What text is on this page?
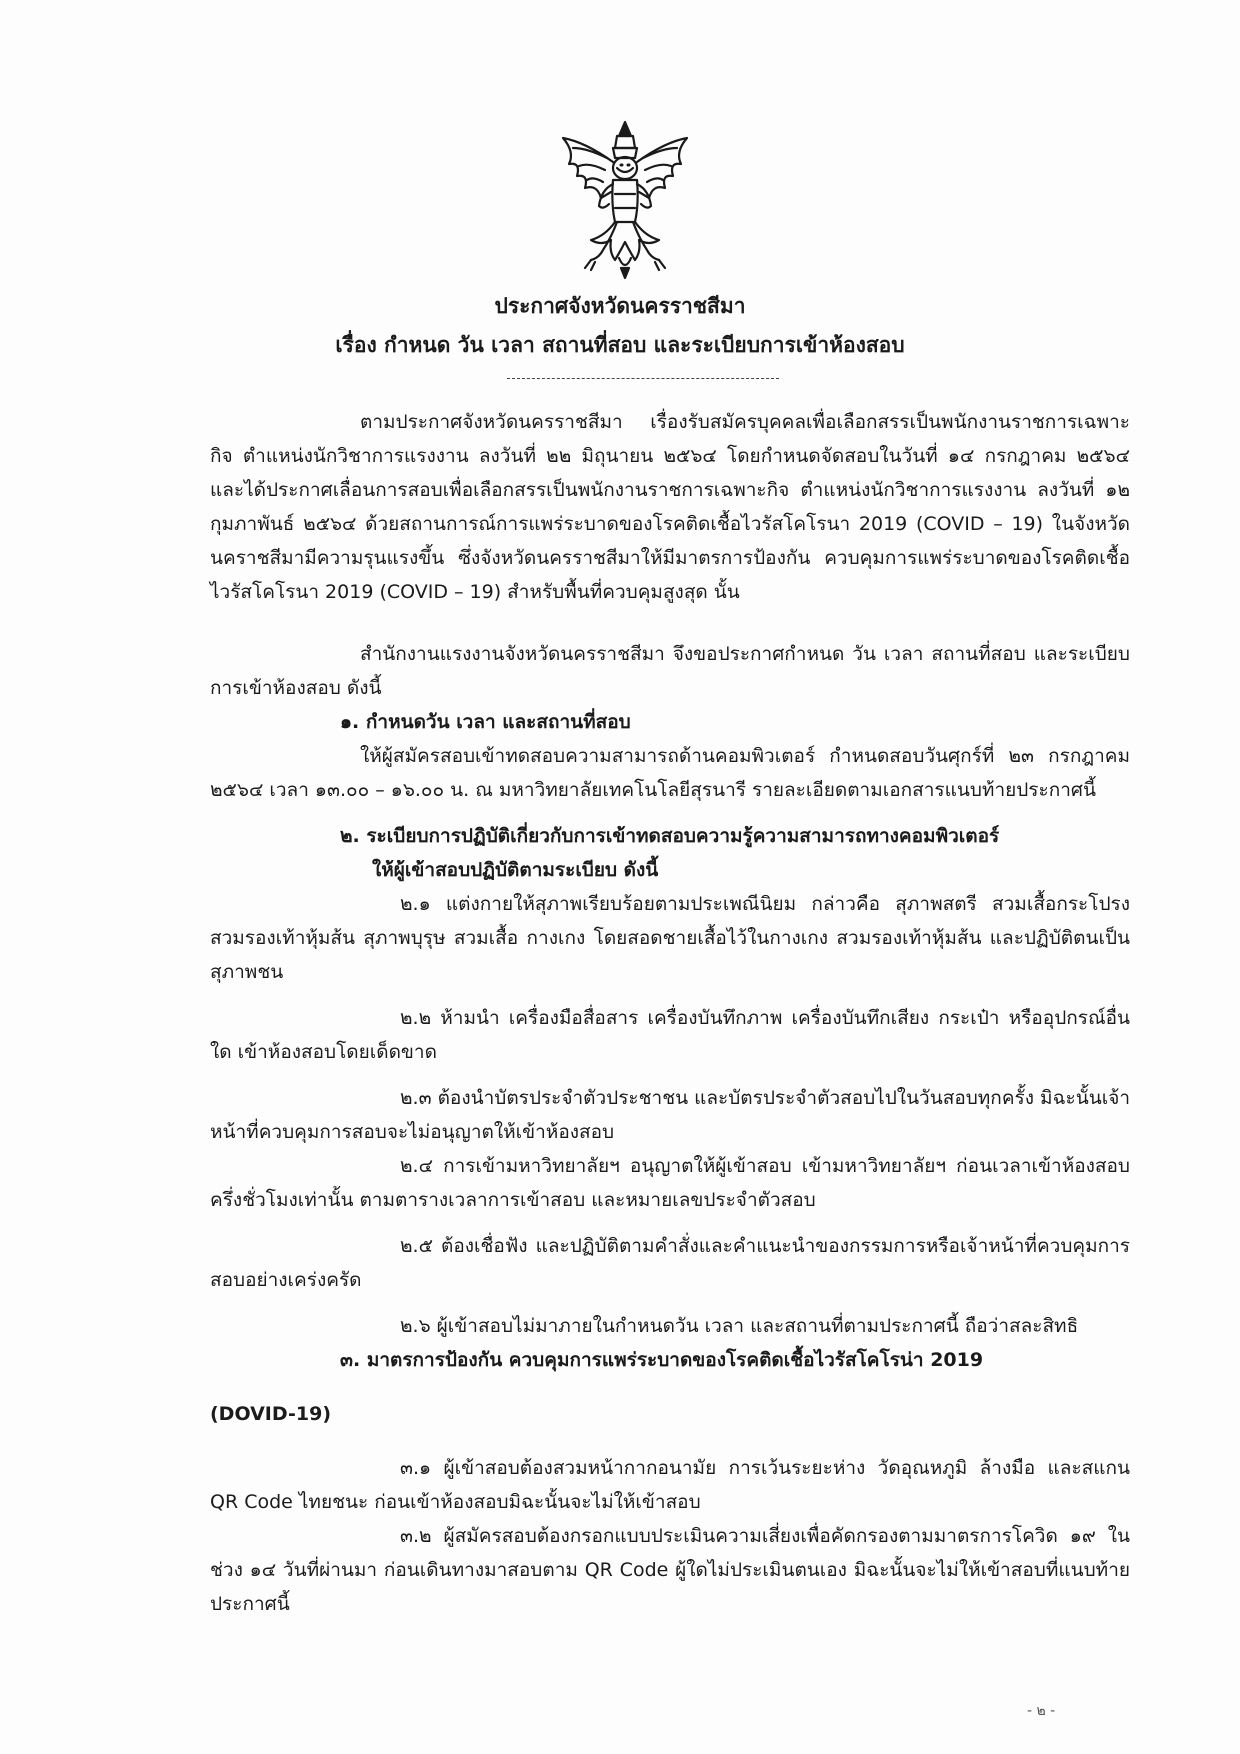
ประกาศจังหวัดนครราชสีมา
เรื่อง กำหนด วัน เวลา สถานที่สอบ และระเบียบการเข้าห้องสอบ

ตามประกาศจังหวัดนครราชสีมา เรื่องรับสมัครบุคคลเพื่อเลือกสรรเป็นพนักงานราชการเฉพาะกิจ ตำแหน่งนักวิชาการแรงงาน ลงวันที่ ๒๒ มิถุนายน ๒๕๖๔ โดยกำหนดจัดสอบในวันที่ ๑๔ กรกฎาคม ๒๕๖๔ และได้ประกาศเลื่อนการสอบเพื่อเลือกสรรเป็นพนักงานราชการเฉพาะกิจ ตำแหน่งนักวิชาการแรงงาน ลงวันที่ ๑๒ กุมภาพันธ์ ๒๕๖๔ ด้วยสถานการณ์การแพร่ระบาดของโรคติดเชื้อไวรัสโคโรนา 2019 (COVID – 19) ในจังหวัดนคราชสีมามีความรุนแรงขึ้น ซึ่งจังหวัดนครราชสีมาให้มีมาตรการป้องกัน ควบคุมการแพร่ระบาดของโรคติดเชื้อไวรัสโคโรนา 2019 (COVID – 19) สำหรับพื้นที่ควบคุมสูงสุด นั้น

สำนักงานแรงงานจังหวัดนครราชสีมา จึงขอประกาศกำหนด วัน เวลา สถานที่สอบ และระเบียบการเข้าห้องสอบ ดังนี้

๑. กำหนดวัน เวลา และสถานที่สอบ

ให้ผู้สมัครสอบเข้าทดสอบความสามารถด้านคอมพิวเตอร์ กำหนดสอบวันศุกร์ที่ ๒๓ กรกฎาคม ๒๕๖๔ เวลา ๑๓.๐๐ – ๑๖.๐๐ น. ณ มหาวิทยาลัยเทคโนโลยีสุรนารี รายละเอียดตามเอกสารแนบท้ายประกาศนี้

๒. ระเบียบการปฏิบัติเกี่ยวกับการเข้าทดสอบความรู้ความสามารถทางคอมพิวเตอร์

ให้ผู้เข้าสอบปฏิบัติตามระเบียบ ดังนี้

๒.๑ แต่งกายให้สุภาพเรียบร้อยตามประเพณีนิยม กล่าวคือ สุภาพสตรี สวมเสื้อกระโปรง สวมรองเท้าหุ้มส้น สุภาพบุรุษ สวมเสื้อ กางเกง โดยสอดชายเสื้อไว้ในกางเกง สวมรองเท้าหุ้มส้น และปฏิบัติตนเป็นสุภาพชน

๒.๒ ห้ามนำ เครื่องมือสื่อสาร เครื่องบันทึกภาพ เครื่องบันทึกเสียง กระเป๋า หรืออุปกรณ์อื่นใด เข้าห้องสอบโดยเด็ดขาด

๒.๓ ต้องนำบัตรประจำตัวประชาชน และบัตรประจำตัวสอบไปในวันสอบทุกครั้ง มิฉะนั้นเจ้าหน้าที่ควบคุมการสอบจะไม่อนุญาตให้เข้าห้องสอบ

๒.๔ การเข้ามหาวิทยาลัยฯ อนุญาตให้ผู้เข้าสอบ เข้ามหาวิทยาลัยฯ ก่อนเวลาเข้าห้องสอบครึ่งชั่วโมงเท่านั้น ตามตารางเวลาการเข้าสอบ และหมายเลขประจำตัวสอบ

๒.๕ ต้องเชื่อฟัง และปฏิบัติตามคำสั่งและคำแนะนำของกรรมการหรือเจ้าหน้าที่ควบคุมการสอบอย่างเคร่งครัด

๒.๖ ผู้เข้าสอบไม่มาภายในกำหนดวัน เวลา และสถานที่ตามประกาศนี้ ถือว่าสละสิทธิ

๓. มาตรการป้องกัน ควบคุมการแพร่ระบาดของโรคติดเชื้อไวรัสโคโรน่า 2019

(DOVID-19)

๓.๑ ผู้เข้าสอบต้องสวมหน้ากากอนามัย การเว้นระยะห่าง วัดอุณหภูมิ ล้างมือ และสแกน QR Code ไทยชนะ ก่อนเข้าห้องสอบมิฉะนั้นจะไม่ให้เข้าสอบ

๓.๒ ผู้สมัครสอบต้องกรอกแบบประเมินความเสี่ยงเพื่อคัดกรองตามมาตรการโควิด ๑๙ ในช่วง ๑๔ วันที่ผ่านมา ก่อนเดินทางมาสอบตาม QR Code ผู้ใดไม่ประเมินตนเอง มิฉะนั้นจะไม่ให้เข้าสอบที่แนบท้ายประกาศนี้

- ๒ -
